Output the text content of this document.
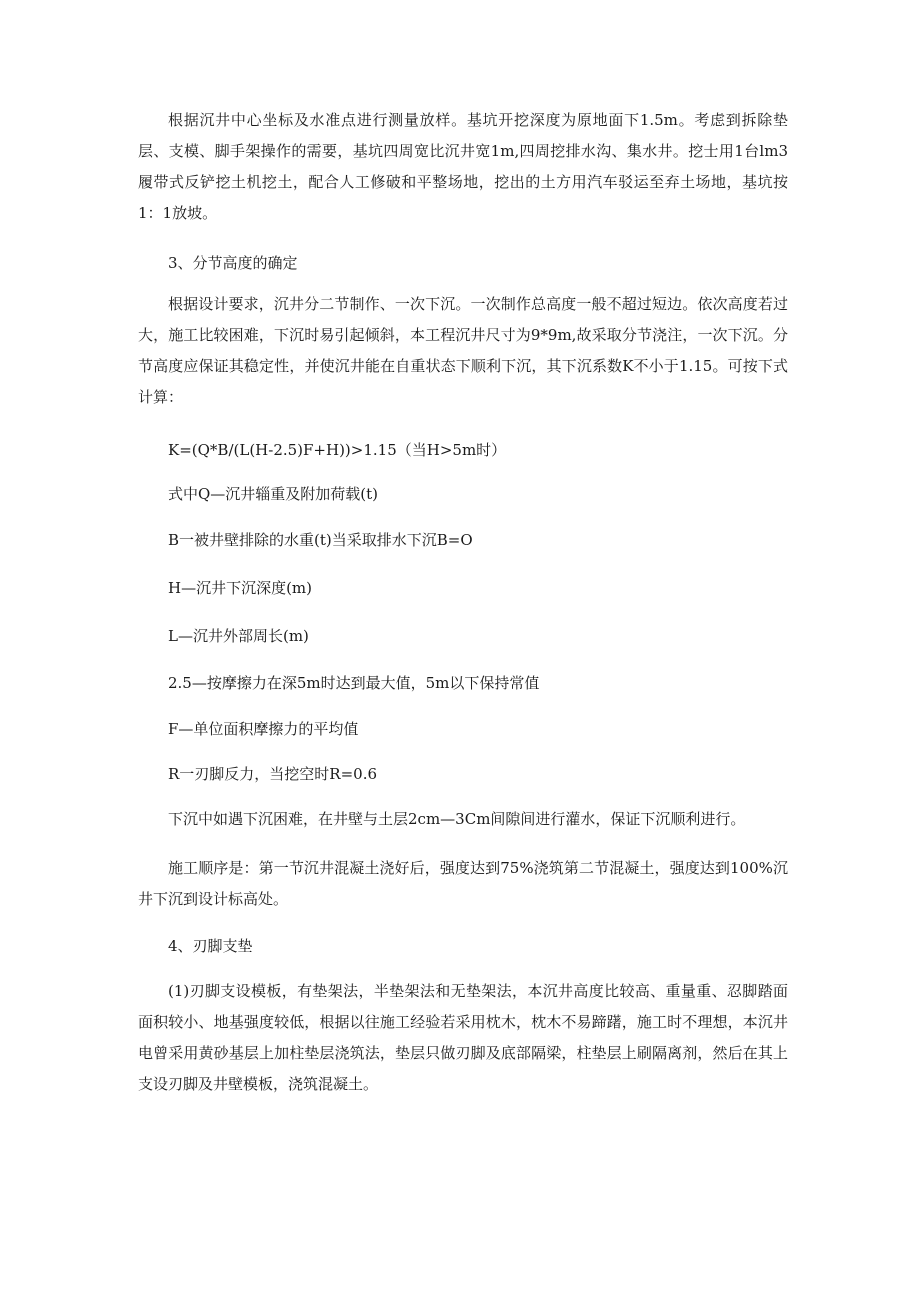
根据沉井中心坐标及水准点进行测量放样。基坑开挖深度为原地面下1.5m。考虑到拆除垫层、支模、脚手架操作的需要，基坑四周宽比沉井宽1m,四周挖排水沟、集水井。挖士用1台lm3履带式反铲挖土机挖土，配合人工修破和平整场地，挖出的土方用汽车驳运至弃土场地，基坑按1：1放坡。

3、分节高度的确定

根据设计要求，沉井分二节制作、一次下沉。一次制作总高度一般不超过短边。依次高度若过大，施工比较困难，下沉时易引起倾斜，本工程沉井尺寸为9*9m,故采取分节浇注，一次下沉。分节高度应保证其稳定性，并使沉井能在自重状态下顺利下沉，其下沉系数K不小于1.15。可按下式计算：

K=(Q*B/(L(H-2.5)F+H))>1.15（当H>5m时）

式中Q—沉井辎重及附加荷载(t)

B一被井壁排除的水重(t)当采取排水下沉B=O

H—沉井下沉深度(m)

L—沉井外部周长(m)

2.5—按摩擦力在深5m时达到最大值，5m以下保持常值

F—单位面积摩擦力的平均值

R一刃脚反力，当挖空时R=0.6

下沉中如遇下沉困难，在井壁与土层2cm—3Cm间隙间进行灌水，保证下沉顺利进行。

施工顺序是：第一节沉井混凝土浇好后，强度达到75%浇筑第二节混凝土，强度达到100%沉井下沉到设计标高处。

4、刃脚支垫

(1)刃脚支设模板，有垫架法，半垫架法和无垫架法，本沉井高度比较高、重量重、忍脚踏面面积较小、地基强度较低，根据以往施工经验若采用枕木，枕木不易蹄躇，施工时不理想，本沉井电曾采用黄砂基层上加柱垫层浇筑法，垫层只做刃脚及底部隔梁，柱垫层上刷隔离剂，然后在其上支设刃脚及井壁模板，浇筑混凝土。
